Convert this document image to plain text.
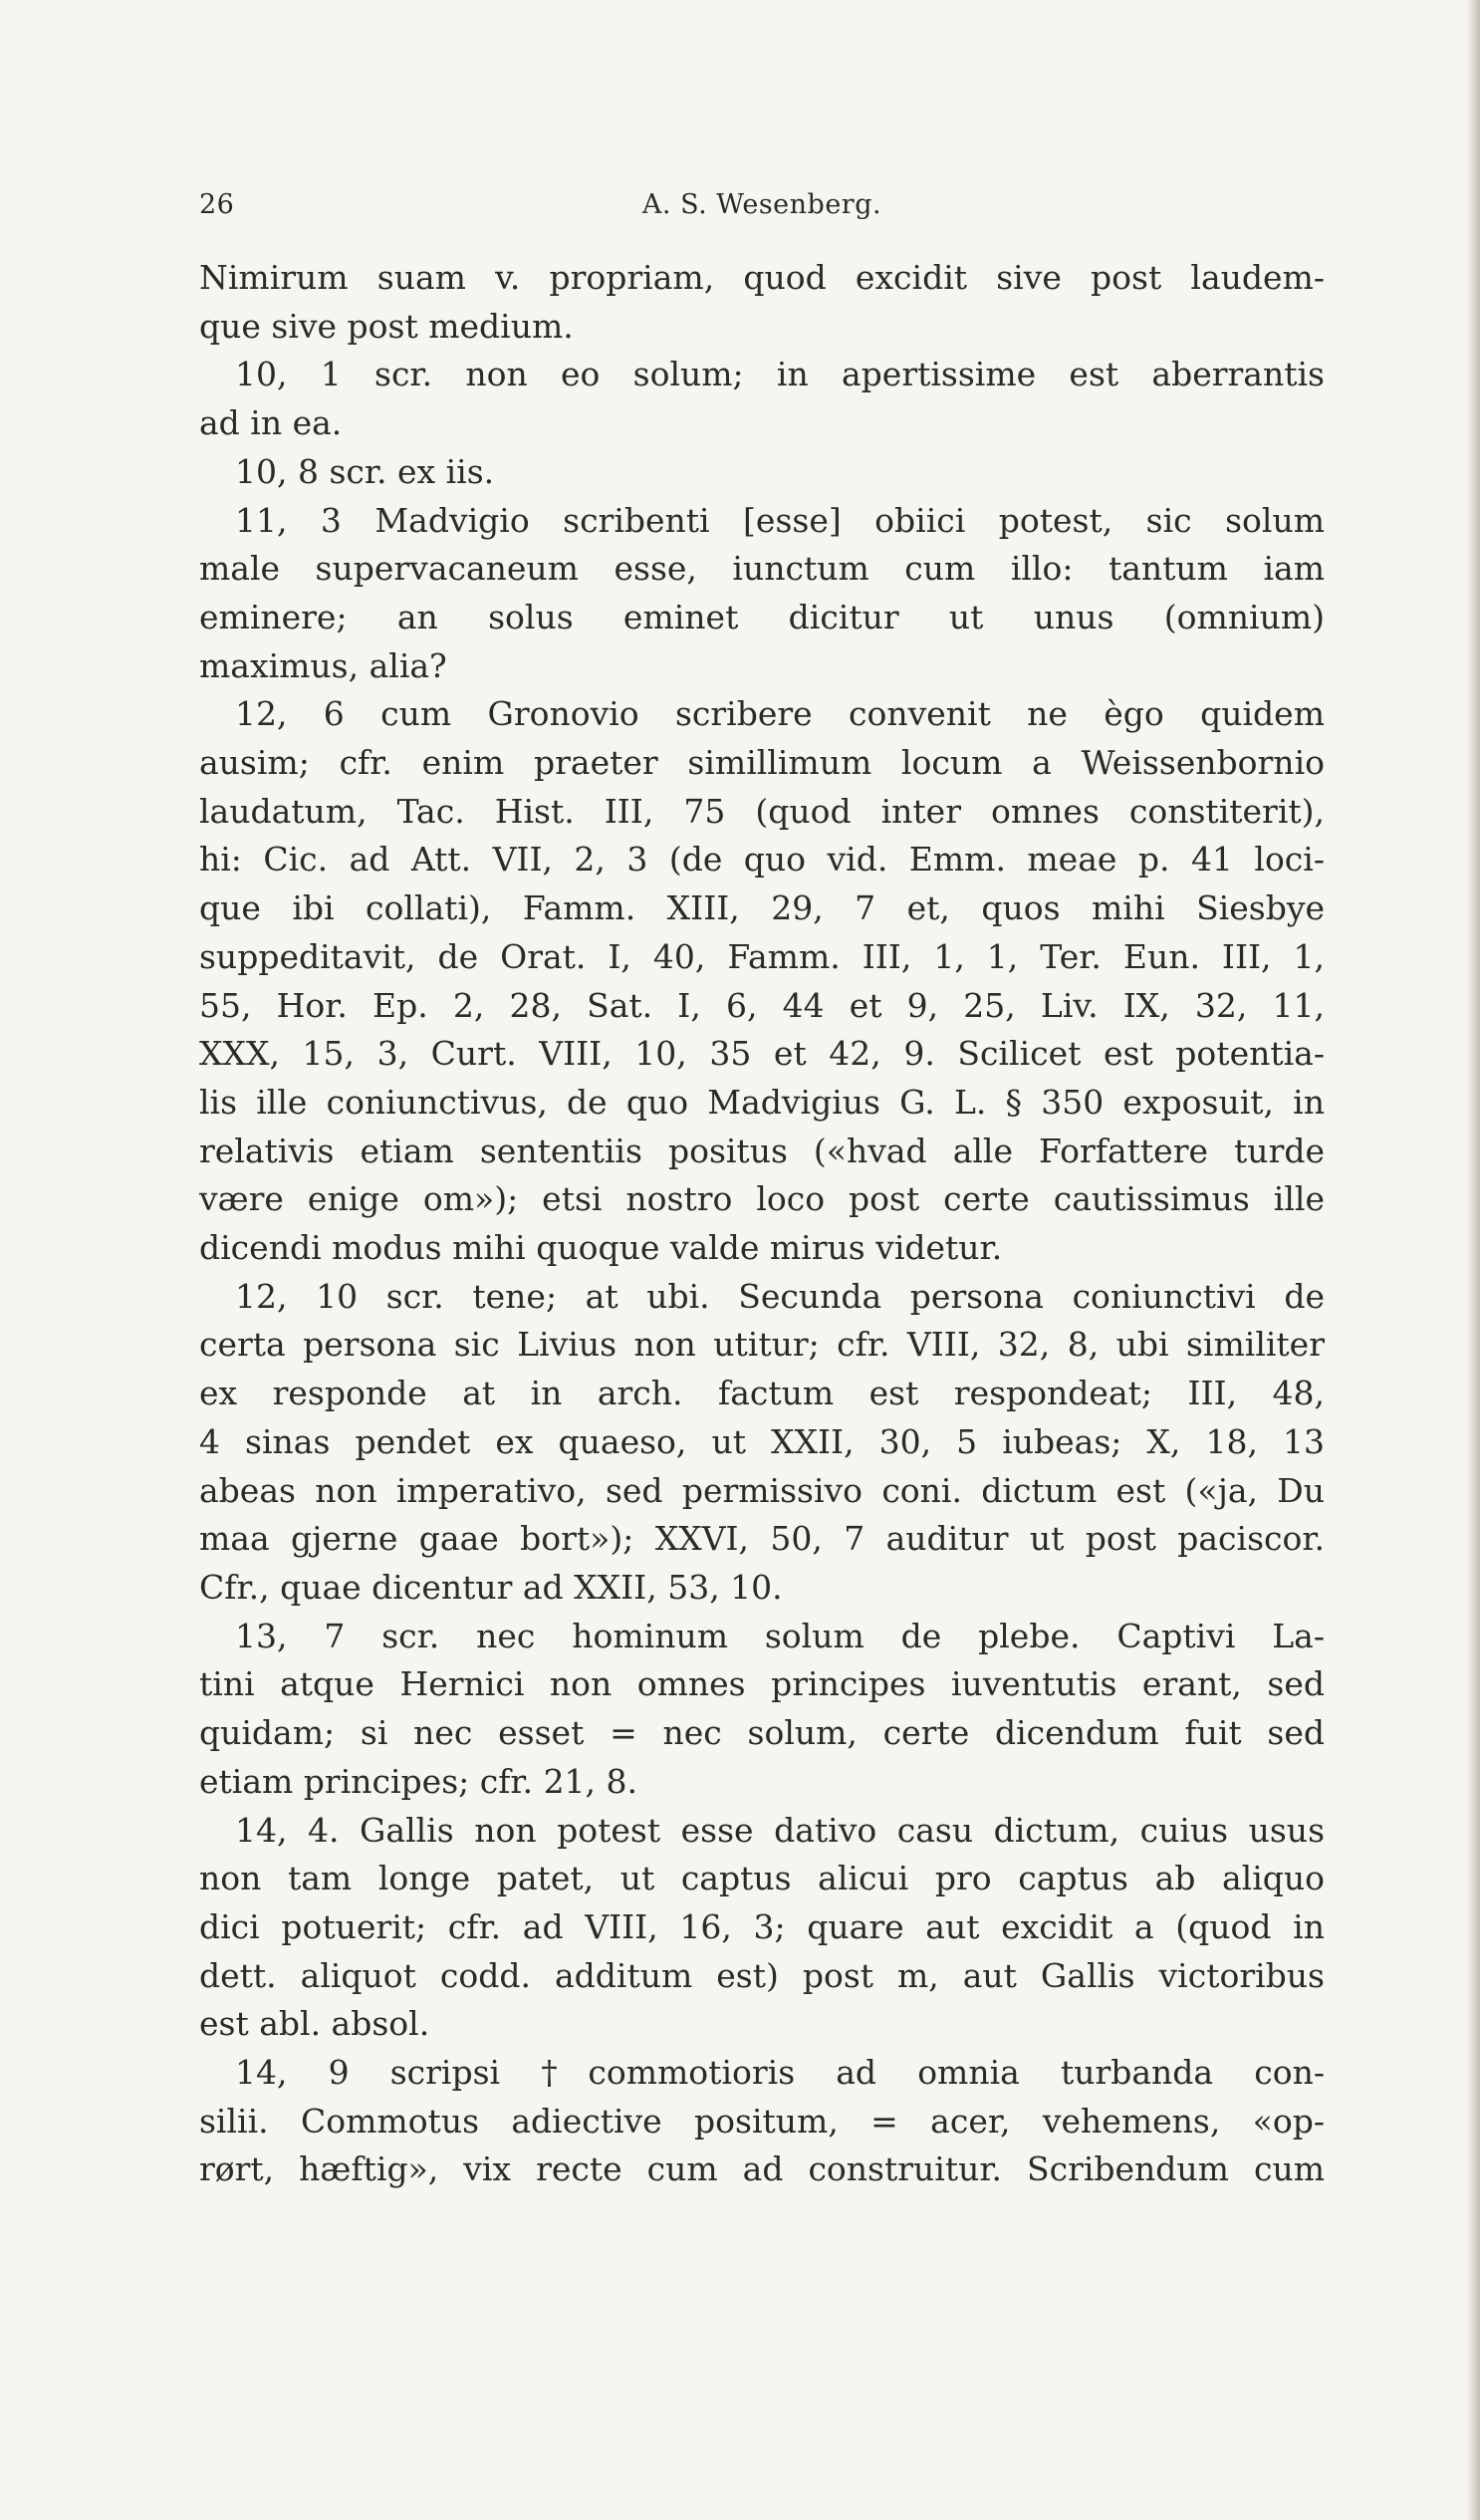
26	A. S. Wesenberg.
Nimirum suam v. propriam, quod excidit sive post laudem-
que sive post medium.
10, 1 scr. non eo solum; in apertissime est aberrantis
ad in ea.
10, 8 scr. ex iis.
11, 3 Madvigio scribenti [esse] obiici potest, sic solum
male supervacaneum esse, iunctum cum illo: tantum iam
eminere; an solus eminet dicitur ut unus (omnium)
maximus, alia?
12, 6 cum Gronovio scribere convenit ne ègo quidem
ausim; cfr. enim praeter simillimum locum a Weissenbornio
laudatum, Tac. Hist. III, 75 (quod inter omnes constiterit),
hi: Cic. ad Att. VII, 2, 3 (de quo vid. Emm. meae p. 41 loci-
que ibi collati), Famm. XIII, 29, 7 et, quos mihi Siesbye
suppeditavit, de Orat. I, 40, Famm. III, 1, 1, Ter. Eun. III, 1,
55, Hor. Ep. 2, 28, Sat. I, 6, 44 et 9, 25, Liv. IX, 32, 11,
XXX, 15, 3, Curt. VIII, 10, 35 et 42, 9. Scilicet est potentia-
lis ille coniunctivus, de quo Madvigius G. L. § 350 exposuit, in
relativis etiam sententiis positus («hvad alle Forfattere turde
være enige om»); etsi nostro loco post certe cautissimus ille
dicendi modus mihi quoque valde mirus videtur.
12, 10 scr. tene; at ubi. Secunda persona coniunctivi de
certa persona sic Livius non utitur; cfr. VIII, 32, 8, ubi similiter
ex responde at in arch. factum est respondeat; III, 48,
4 sinas pendet ex quaeso, ut XXII, 30, 5 iubeas; X, 18, 13
abeas non imperativo, sed permissivo coni. dictum est («ja, Du
maa gjerne gaae bort»); XXVI, 50, 7 auditur ut post paciscor.
Cfr., quae dicentur ad XXII, 53, 10.
13, 7 scr. nec hominum solum de plebe. Captivi La-
tini atque Hernici non omnes principes iuventutis erant, sed
quidam; si nec esset = nec solum, certe dicendum fuit sed
etiam principes; cfr. 21, 8.
14, 4. Gallis non potest esse dativo casu dictum, cuius usus
non tam longe patet, ut captus alicui pro captus ab aliquo
dici potuerit; cfr. ad VIII, 16, 3; quare aut excidit a (quod in
dett. aliquot codd. additum est) post m, aut Gallis victoribus
est abl. absol.
14, 9 scripsi †commotioris ad omnia turbanda con-
silii. Commotus adiective positum, = acer, vehemens, «op-
rørt, hæftig», vix recte cum ad construitur. Scribendum cum
